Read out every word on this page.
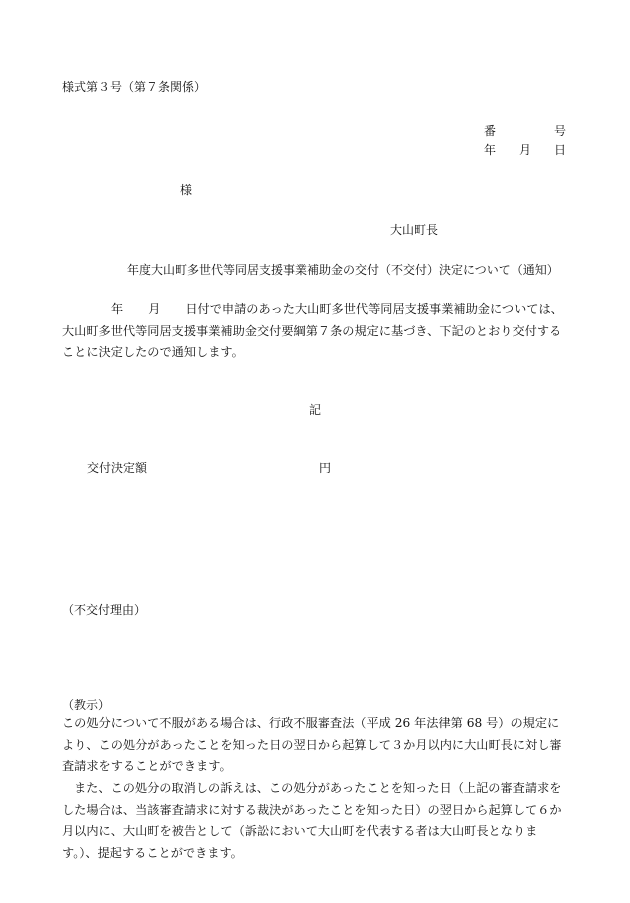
様式第３号（第７条関係）
番	号
年 月 日
様
大山町長
年度大山町多世代等同居支援事業補助金の交付（不交付）決定について（通知）
年 月 日付で申請のあった大山町多世代等同居支援事業補助金については、大山町多世代等同居支援事業補助金交付要綱第７条の規定に基づき、下記のとおり交付することに決定したので通知します。
記
交付決定額	円
（不交付理由）
（教示）
この処分について不服がある場合は、行政不服審査法（平成 26 年法律第 68 号）の規定により、この処分があったことを知った日の翌日から起算して３か月以内に大山町長に対し審査請求をすることができます。
また、この処分の取消しの訴えは、この処分があったことを知った日（上記の審査請求をした場合は、当該審査請求に対する裁決があったことを知った日）の翌日から起算して６か月以内に、大山町を被告として（訴訟において大山町を代表する者は大山町長となります。）、提起することができます。
